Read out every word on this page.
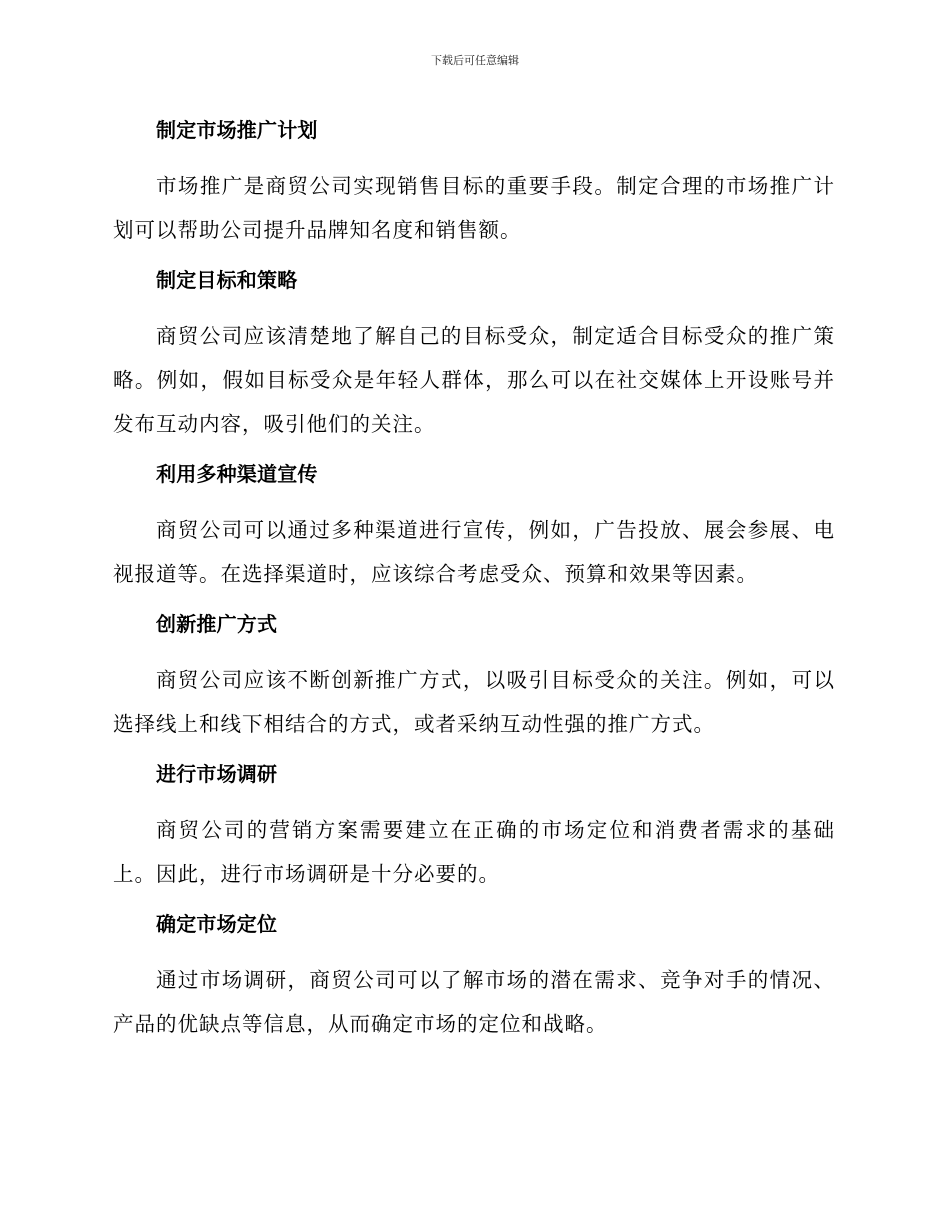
下载后可任意编辑
制定市场推广计划

市场推广是商贸公司实现销售目标的重要手段。制定合理的市场推广计划可以帮助公司提升品牌知名度和销售额。

制定目标和策略

商贸公司应该清楚地了解自己的目标受众，制定适合目标受众的推广策略。例如，假如目标受众是年轻人群体，那么可以在社交媒体上开设账号并发布互动内容，吸引他们的关注。

利用多种渠道宣传

商贸公司可以通过多种渠道进行宣传，例如，广告投放、展会参展、电视报道等。在选择渠道时，应该综合考虑受众、预算和效果等因素。

创新推广方式

商贸公司应该不断创新推广方式，以吸引目标受众的关注。例如，可以选择线上和线下相结合的方式，或者采纳互动性强的推广方式。

进行市场调研

商贸公司的营销方案需要建立在正确的市场定位和消费者需求的基础上。因此，进行市场调研是十分必要的。

确定市场定位

通过市场调研，商贸公司可以了解市场的潜在需求、竞争对手的情况、产品的优缺点等信息，从而确定市场的定位和战略。
